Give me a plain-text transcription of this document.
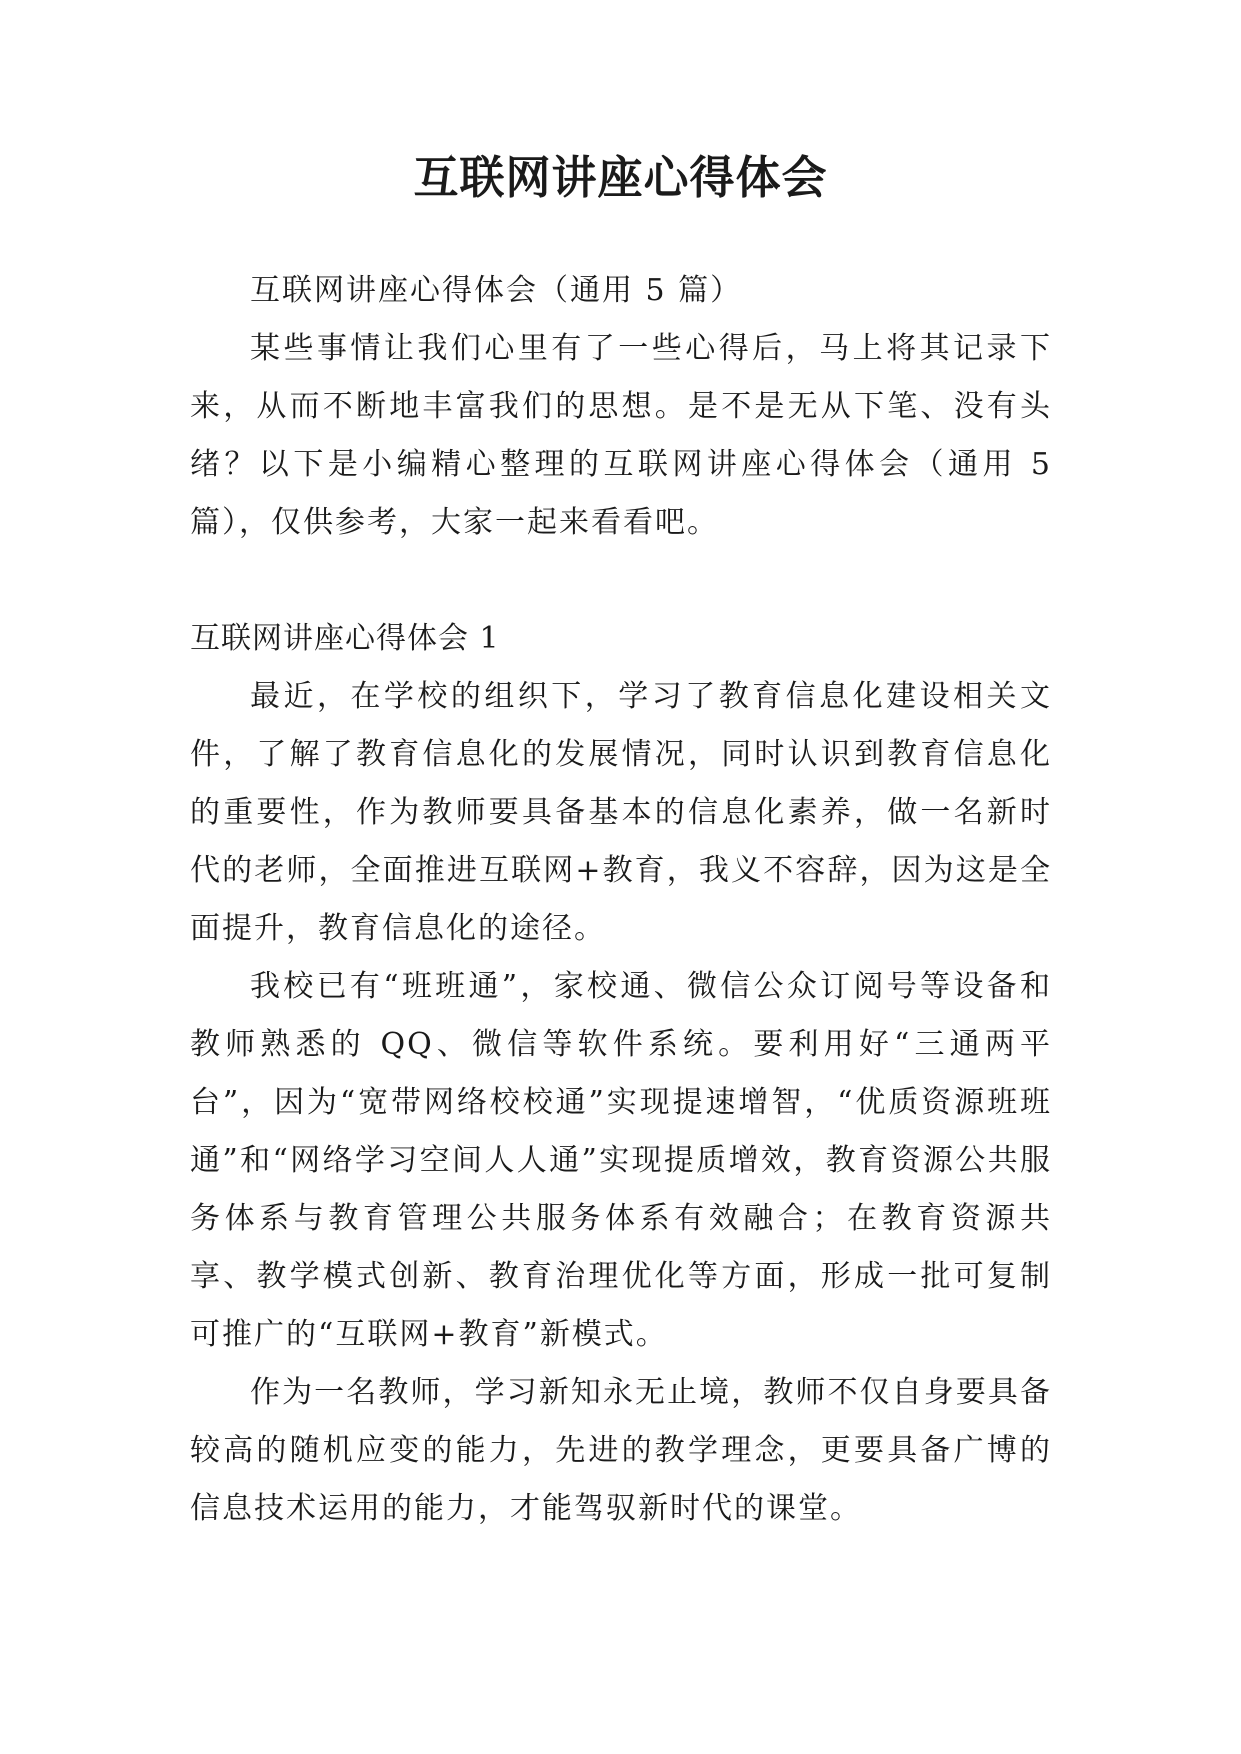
互联网讲座心得体会

互联网讲座心得体会（通用 5 篇）

某些事情让我们心里有了一些心得后，马上将其记录下来，从而不断地丰富我们的思想。是不是无从下笔、没有头绪？以下是小编精心整理的互联网讲座心得体会（通用 5 篇），仅供参考，大家一起来看看吧。

互联网讲座心得体会 1

最近，在学校的组织下，学习了教育信息化建设相关文件，了解了教育信息化的发展情况，同时认识到教育信息化的重要性，作为教师要具备基本的信息化素养，做一名新时代的老师，全面推进互联网+教育，我义不容辞，因为这是全面提升，教育信息化的途径。

我校已有“班班通”，家校通、微信公众订阅号等设备和教师熟悉的 QQ、微信等软件系统。要利用好“三通两平台”，因为“宽带网络校校通”实现提速增智，“优质资源班班通”和“网络学习空间人人通”实现提质增效，教育资源公共服务体系与教育管理公共服务体系有效融合；在教育资源共享、教学模式创新、教育治理优化等方面，形成一批可复制可推广的“互联网+教育”新模式。

作为一名教师，学习新知永无止境，教师不仅自身要具备较高的随机应变的能力，先进的教学理念，更要具备广博的信息技术运用的能力，才能驾驭新时代的课堂。
